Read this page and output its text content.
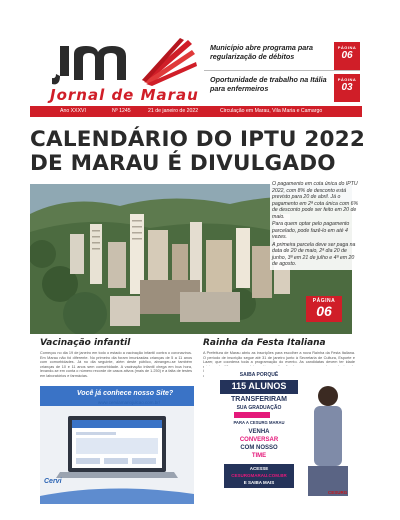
Jornal de Marau
Município abre programa para regularização de débitos
PÁGINA
06
Oportunidade de trabalho na Itália para enfermeiros
PÁGINA
03
Ano XXXVI	Nº 1245	21 de janeiro de 2022	Circulação em Marau, Vila Maria e Camargo
CALENDÁRIO DO IPTU 2022
DE MARAU É DIVULGADO

O pagamento em cota única do IPTU 2022, com 8% de desconto está previsto para 20 de abril. Já o pagamento em 2ª cota única com 6% de desconto pode ser feito em 20 de maio.

Para quem optar pelo pagamento parcelado, pode fazê-lo em até 4 vezes.

A primeira parcela deve ser paga na data de 20 de maio, 2ª dia 20 de junho, 3ª em 21 de julho e 4ª em 20 de agosto.

PÁGINA
06
Vacinação infantil

Começou no dia 19 de janeiro em todo o estado a vacinação infantil contra o coronavírus. Em Marau não foi diferente. No primeiro dia foram imunizadas crianças de 5 a 11 anos com comorbidades. Já no dia seguinte, além deste público, abrangeu-se também crianças de 10 e 11 anos sem comorbidade. A vacinação infantil chega em boa hora, levando-se em conta o número recorde de casos ativos (mais de 1.250) e a falta de testes em laboratórios e farmácias.

Rainha da Festa Italiana

A Prefeitura de Marau abriu as inscrições para escolher a nova Rainha da Festa Italiana. O período de inscrição segue até 31 de janeiro junto à Secretaria de Cultura, Esporte e Lazer, que coordena toda a programação do evento. As candidatas devem ter idade

Você já conhece nosso Site?
www.cerviamariojulcao.com.br/
Cervi
SAIBA PORQUÊ
115 ALUNOS
TRANSFERIRAM
SUA GRADUAÇÃO
PARA A CESURG MARAU
VENHA
CONVERSAR
COM NOSSO
TIME
ACESSE
CESURGMARAU.COM.BR
E SAIBA MAIS
CESURG
